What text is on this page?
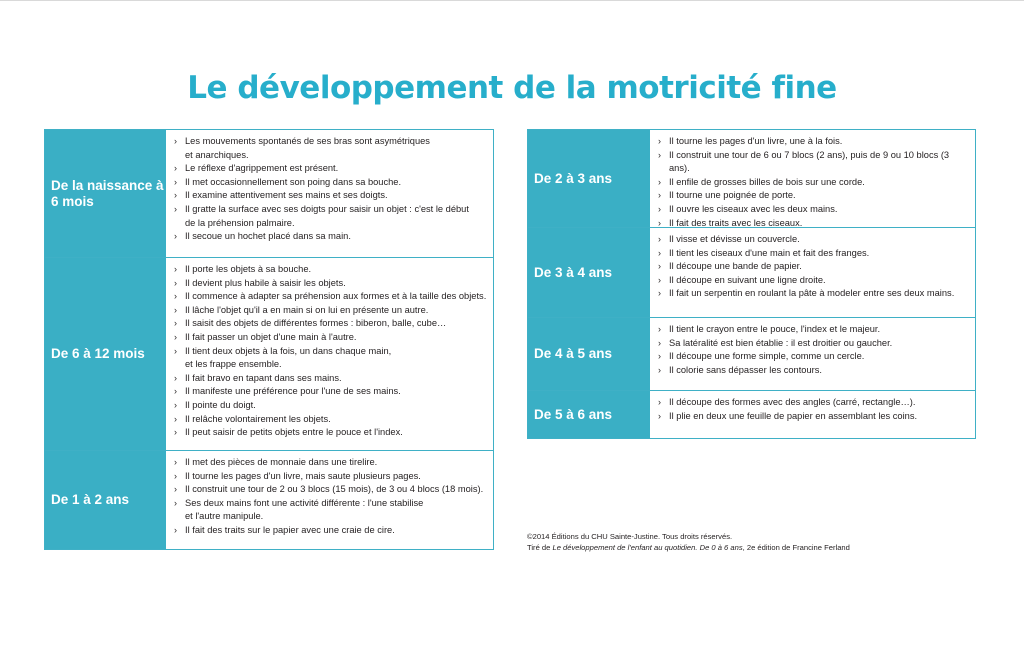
Le développement de la motricité fine
De la naissance à 6 mois
› Les mouvements spontanés de ses bras sont asymétriques
et anarchiques.
› Le réflexe d'agrippement est présent.
› Il met occasionnellement son poing dans sa bouche.
› Il examine attentivement ses mains et ses doigts.
› Il gratte la surface avec ses doigts pour saisir un objet : c'est le début
de la préhension palmaire.
› Il secoue un hochet placé dans sa main.
De 6 à 12 mois
› Il porte les objets à sa bouche.
› Il devient plus habile à saisir les objets.
› Il commence à adapter sa préhension aux formes et à la taille des objets.
› Il lâche l'objet qu'il a en main si on lui en présente un autre.
› Il saisit des objets de différentes formes : biberon, balle, cube…
› Il fait passer un objet d'une main à l'autre.
› Il tient deux objets à la fois, un dans chaque main,
et les frappe ensemble.
› Il fait bravo en tapant dans ses mains.
› Il manifeste une préférence pour l'une de ses mains.
› Il pointe du doigt.
› Il relâche volontairement les objets.
› Il peut saisir de petits objets entre le pouce et l'index.
De 1 à 2 ans
› Il met des pièces de monnaie dans une tirelire.
› Il tourne les pages d'un livre, mais saute plusieurs pages.
› Il construit une tour de 2 ou 3 blocs (15 mois), de 3 ou 4 blocs (18 mois).
› Ses deux mains font une activité différente : l'une stabilise
et l'autre manipule.
› Il fait des traits sur le papier avec une craie de cire.
De 2 à 3 ans
› Il tourne les pages d'un livre, une à la fois.
› Il construit une tour de 6 ou 7 blocs (2 ans), puis de 9 ou 10 blocs (3 ans).
› Il enfile de grosses billes de bois sur une corde.
› Il tourne une poignée de porte.
› Il ouvre les ciseaux avec les deux mains.
› Il fait des traits avec les ciseaux.
De 3 à 4 ans
› Il visse et dévisse un couvercle.
› Il tient les ciseaux d'une main et fait des franges.
› Il découpe une bande de papier.
› Il découpe en suivant une ligne droite.
› Il fait un serpentin en roulant la pâte à modeler entre ses deux mains.
De 4 à 5 ans
› Il tient le crayon entre le pouce, l'index et le majeur.
› Sa latéralité est bien établie : il est droitier ou gaucher.
› Il découpe une forme simple, comme un cercle.
› Il colorie sans dépasser les contours.
De 5 à 6 ans
› Il découpe des formes avec des angles (carré, rectangle…).
› Il plie en deux une feuille de papier en assemblant les coins.
©2014 Éditions du CHU Sainte-Justine. Tous droits réservés.
Tiré de Le développement de l'enfant au quotidien. De 0 à 6 ans, 2e édition de Francine Ferland
